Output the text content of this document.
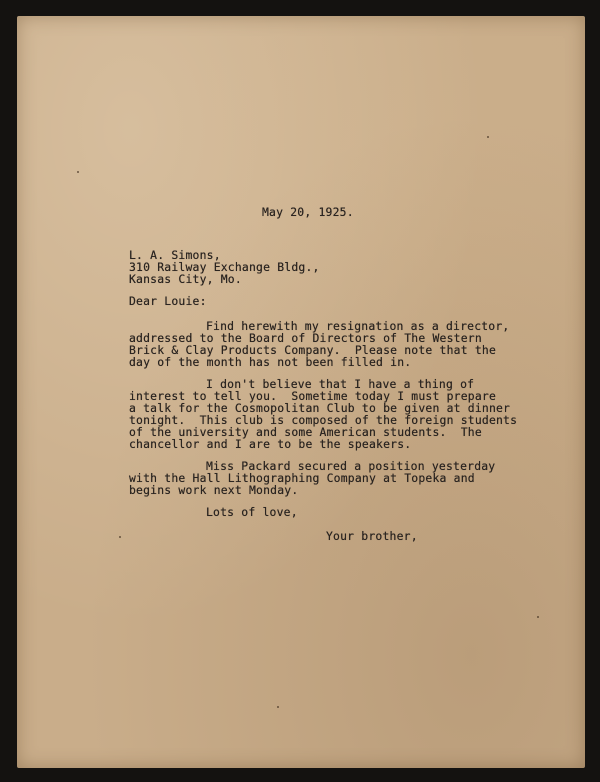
May 20, 1925.
L. A. Simons,
310 Railway Exchange Bldg.,
Kansas City, Mo.
Dear Louie:
Find herewith my resignation as a director,
addressed to the Board of Directors of The Western
Brick & Clay Products Company.  Please note that the
day of the month has not been filled in.
I don't believe that I have a thing of
interest to tell you.  Sometime today I must prepare
a talk for the Cosmopolitan Club to be given at dinner
tonight.  This club is composed of the foreign students
of the university and some American students.  The
chancellor and I are to be the speakers.
Miss Packard secured a position yesterday
with the Hall Lithographing Company at Topeka and
begins work next Monday.
Lots of love,
Your brother,
